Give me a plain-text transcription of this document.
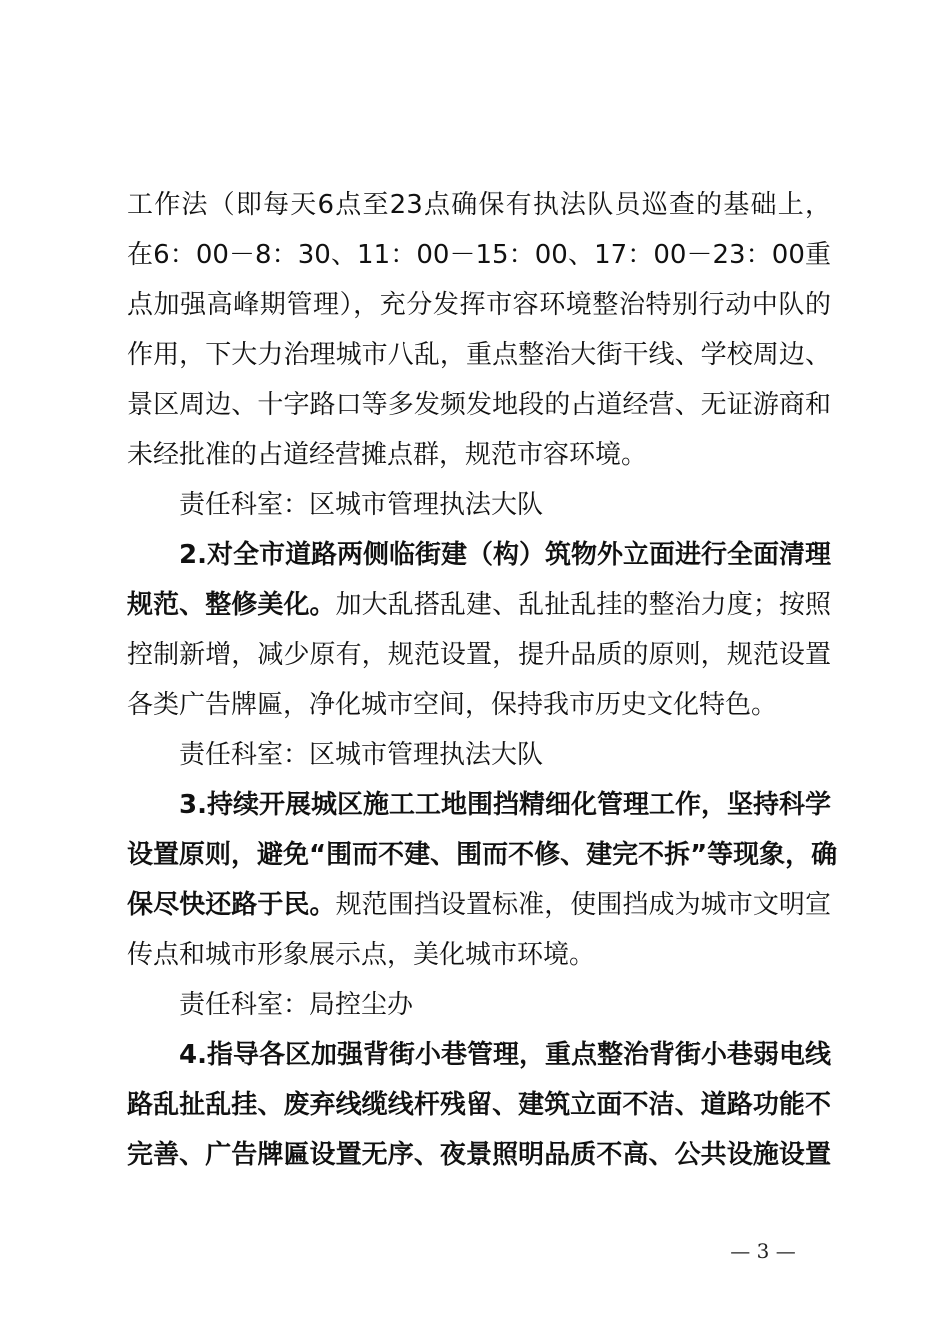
工作法（即每天6点至23点确保有执法队员巡查的基础上，
在6：00－8：30、11：00－15：00、17：00－23：00重
点加强高峰期管理），充分发挥市容环境整治特别行动中队的
作用，下大力治理城市八乱，重点整治大街干线、学校周边、
景区周边、十字路口等多发频发地段的占道经营、无证游商和
未经批准的占道经营摊点群，规范市容环境。
责任科室：区城市管理执法大队
2.对全市道路两侧临街建（构）筑物外立面进行全面清理
规范、整修美化。加大乱搭乱建、乱扯乱挂的整治力度；按照
控制新增，减少原有，规范设置，提升品质的原则，规范设置
各类广告牌匾，净化城市空间，保持我市历史文化特色。
责任科室：区城市管理执法大队
3.持续开展城区施工工地围挡精细化管理工作，坚持科学
设置原则，避免“围而不建、围而不修、建完不拆”等现象，确
保尽快还路于民。规范围挡设置标准，使围挡成为城市文明宣
传点和城市形象展示点，美化城市环境。
责任科室：局控尘办
4.指导各区加强背街小巷管理，重点整治背街小巷弱电线
路乱扯乱挂、废弃线缆线杆残留、建筑立面不洁、道路功能不
完善、广告牌匾设置无序、夜景照明品质不高、公共设施设置
— 3 —
